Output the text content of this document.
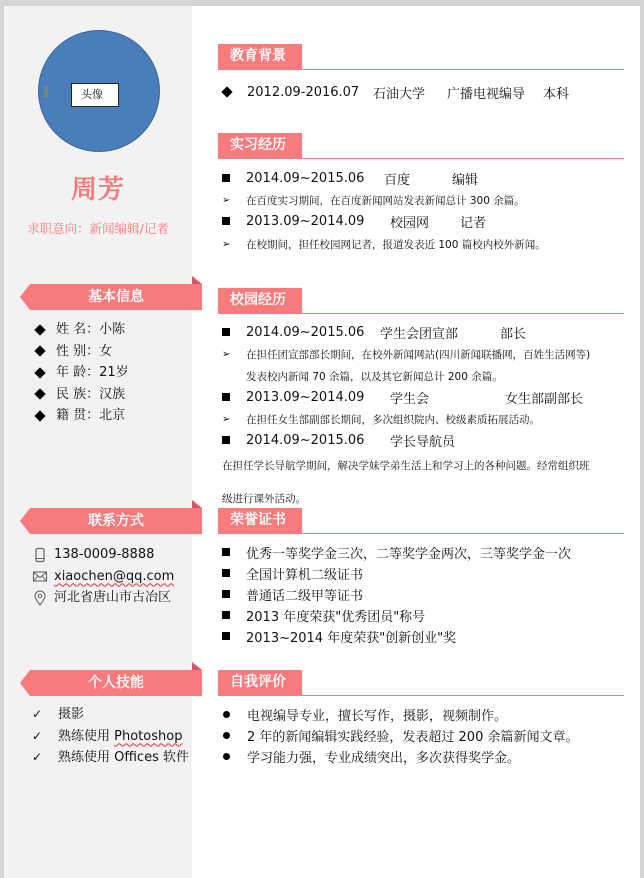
头像
周芳
求职意向：新闻编辑/记者
基本信息
姓 名： 小陈
性 别： 女
年 龄： 21岁
民 族： 汉族
籍 贯： 北京
联系方式
138-0009-8888
xiaochen@qq.com
河北省唐山市古冶区
个人技能
✓	摄影
✓	熟练使用 Photoshop
✓	熟练使用 Offices 软件
教育背景
2012.09-2016.07	石油大学	广播电视编导	本科
实习经历
2014.09~2015.06	百度	编辑
➢	在百度实习期间，在百度新闻网站发表新闻总计 300 余篇。
2013.09~2014.09	校园网	记者
➢	在校期间，担任校园网记者，报道发表近 100 篇校内校外新闻。
校园经历
2014.09~2015.06	学生会团宣部	部长
➢	在担任团宣部部长期间，在校外新闻网站(四川新闻联播网，百姓生活网等)
发表校内新闻 70 余篇，以及其它新闻总计 200 余篇。
2013.09~2014.09	学生会	女生部副部长
➢	在担任女生部副部长期间，多次组织院内、校级素质拓展活动。
2014.09~2015.06	学长导航员
在担任学长导航学期间，解决学妹学弟生活上和学习上的各种问题。经常组织班
级进行课外活动。
荣誉证书
优秀一等奖学金三次，二等奖学金两次，三等奖学金一次
全国计算机二级证书
普通话二级甲等证书
2013 年度荣获"优秀团员"称号
2013~2014 年度荣获"创新创业"奖
自我评价
电视编导专业，擅长写作，摄影，视频制作。
2 年的新闻编辑实践经验，发表超过 200 余篇新闻文章。
学习能力强，专业成绩突出，多次获得奖学金。
